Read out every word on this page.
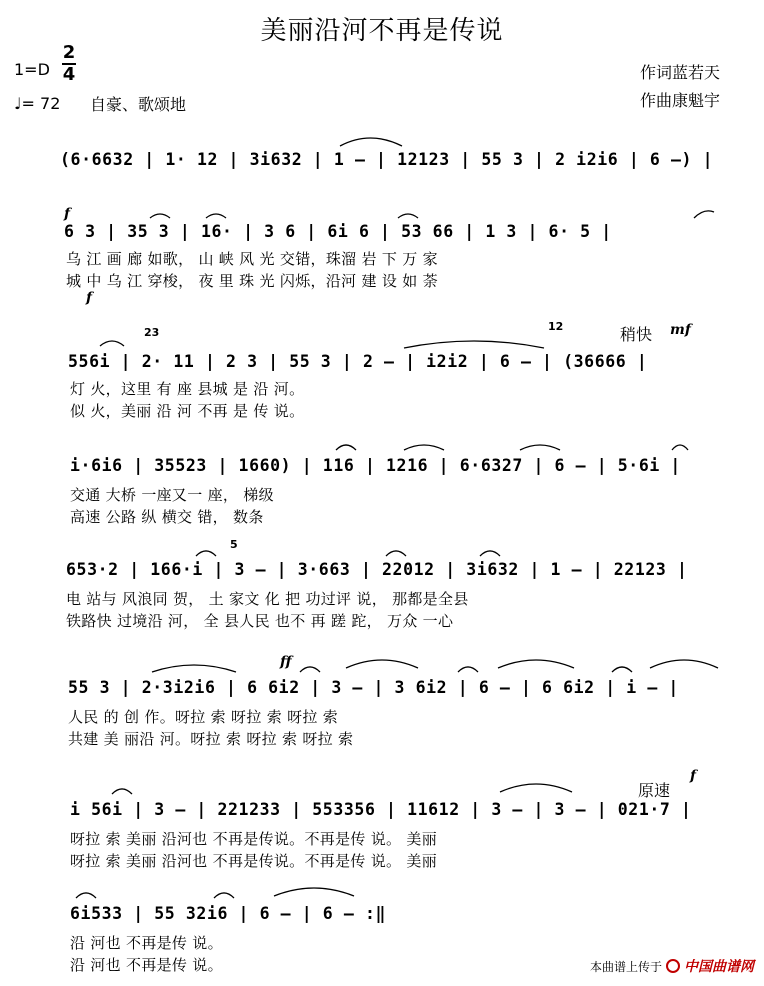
美丽沿河不再是传说
1=D
2
4
♩= 72 自豪、歌颂地
作词蓝若天
作曲康魁宇
(6·6632 | 1· 12 | 3i632 | 1 – | 12123 | 55 3 | 2 i2i6 | 6 –) |
f
6 3 | 35 3 | 16· | 3 6 | 6i 6 | 53 66 | 1 3 | 6· 5 |
乌 江 画 廊 如歌， 山 峡 风 光 交错，珠溜 岩 下 万 家
城 中 乌 江 穿梭， 夜 里 珠 光 闪烁，沿河 建 设 如 荼
f
23	12	稍快 mf
556i | 2· 11 | 2 3 | 55 3 | 2 – | i2i2 | 6 – | (36666 |
灯 火，这里 有 座 县城 是 沿 河。
似 火，美丽 沿 河 不再 是 传 说。
i·6i6 | 35523 | 1660) | 116 | 1216 | 6·6327 | 6 – | 5·6i |
交通 大桥 一座又一 座， 梯级
高速 公路 纵 横交 错， 数条
5
653·2 | 166·i | 3 – | 3·663 | 22012 | 3i632 | 1 – | 22123 |
电 站与 风浪同 贺， 土 家文 化 把 功过评 说， 那都是全县
铁路快 过境沿 河， 全 县人民 也不 再 蹉 跎， 万众 一心
ff
55 3 | 2·3i2i6 | 6 6i2 | 3 – | 3 6i2 | 6 – | 6 6i2 | i – |
人民 的 创 作。呀拉 索 呀拉 索 呀拉 索
共建 美 丽沿 河。呀拉 索 呀拉 索 呀拉 索
原速
f
i 56i | 3 – | 221233 | 553356 | 11612 | 3 – | 3 – | 021·7 |
呀拉 索 美丽 沿河也 不再是传说。不再是传 说。 美丽
呀拉 索 美丽 沿河也 不再是传说。不再是传 说。 美丽
6i533 | 55 32i6 | 6 – | 6 – :‖
沿 河也 不再是传 说。
沿 河也 不再是传 说。	本曲谱上传于 中国曲谱网
